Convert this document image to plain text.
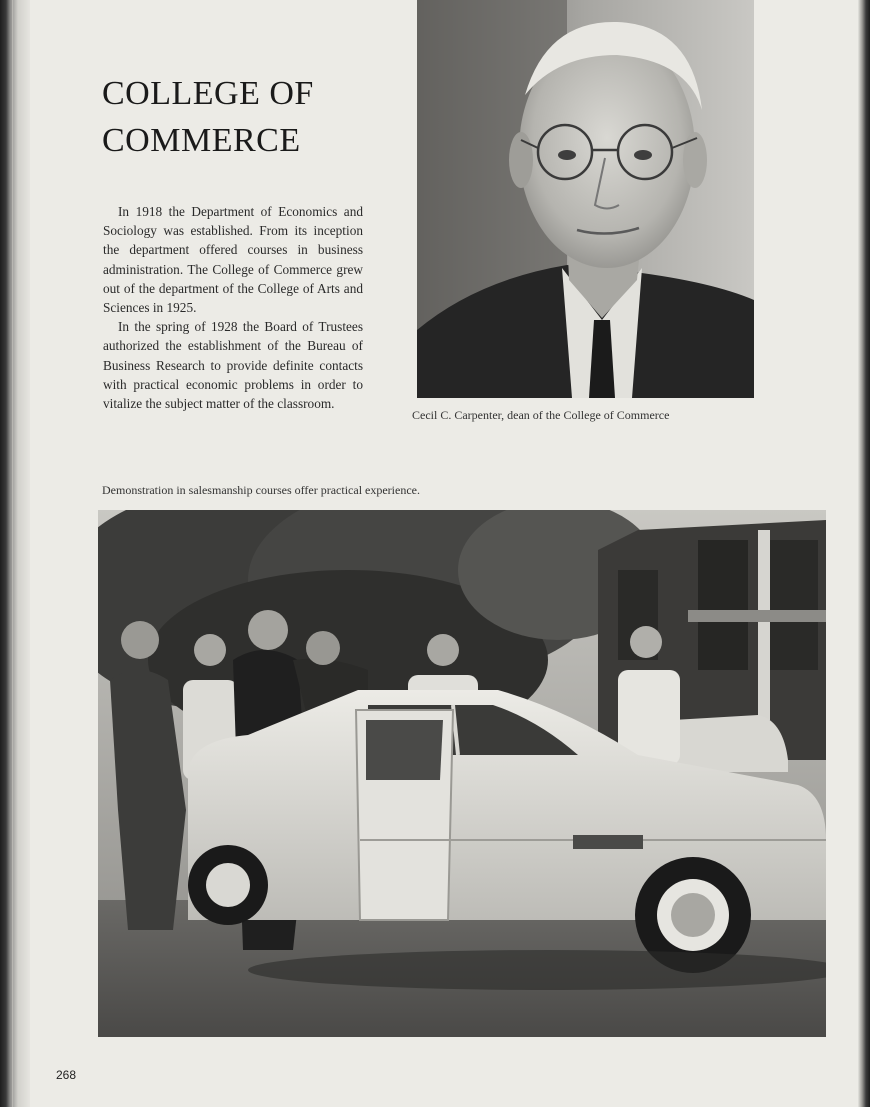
COLLEGE OF
COMMERCE

In 1918 the Department of Economics and Sociology was established. From its inception the department offered courses in business administration. The College of Commerce grew out of the department of the College of Arts and Sciences in 1925.

In the spring of 1928 the Board of Trustees authorized the establishment of the Bureau of Business Research to provide definite contacts with practical economic problems in order to vitalize the subject matter of the classroom.

Cecil C. Carpenter, dean of the College of Commerce

Demonstration in salesmanship courses offer practical experience.

268
